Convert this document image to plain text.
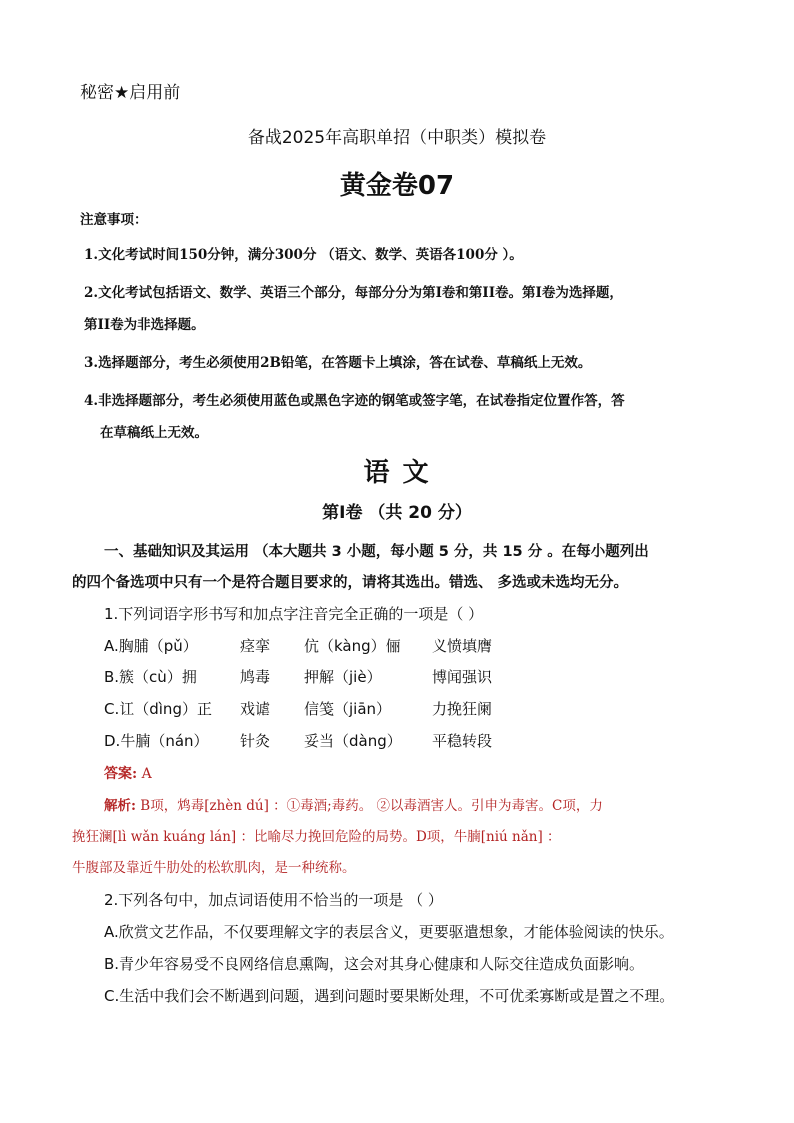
秘密★启用前
备战2025年高职单招（中职类）模拟卷
黄金卷07
注意事项：
1.文化考试时间150分钟，满分300分 （语文、数学、英语各100分 ）。
2.文化考试包括语文、数学、英语三个部分，每部分分为第I卷和第II卷。第I卷为选择题，
第II卷为非选择题。
3.选择题部分，考生必须使用2B铅笔，在答题卡上填涂，答在试卷、草稿纸上无效。
4.非选择题部分，考生必须使用蓝色或黑色字迹的钢笔或签字笔，在试卷指定位置作答，答
在草稿纸上无效。
语 文
第I卷 （共 20 分）
一、基础知识及其运用 （本大题共 3 小题，每小题 5 分，共 15 分 。在每小题列出
的四个备选项中只有一个是符合题目要求的，请将其选出。错选、 多选或未选均无分。
1.下列词语字形书写和加点字注音完全正确的一项是（ ）
A.胸脯（pǔ）	痉挛 伉（kàng）俪 义愤填膺
B.簇（cù）拥	鸠毒 押解（jiè）	博闻强识
C.讧（dìng）正 戏谑 信笺（jiān）	力挽狂阑
D.牛腩（nán） 针灸 妥当（dàng） 平稳转段
答案: A
解析: B项，鸩毒[zhèn dú] ：①毒酒;毒药。 ②以毒酒害人。引申为毒害。C项，力
挽狂澜[lì wǎn kuáng lán] ：比喻尽力挽回危险的局势。D项，牛腩[niú nǎn] ：
牛腹部及靠近牛肋处的松软肌肉，是一种统称。
2.下列各句中，加点词语使用不恰当的一项是 （ ）
A.欣赏文艺作品，不仅要理解文字的表层含义，更要驱遣想象，才能体验阅读的快乐。
B.青少年容易受不良网络信息熏陶，这会对其身心健康和人际交往造成负面影响。
C.生活中我们会不断遇到问题，遇到问题时要果断处理，不可优柔寡断或是置之不理。
